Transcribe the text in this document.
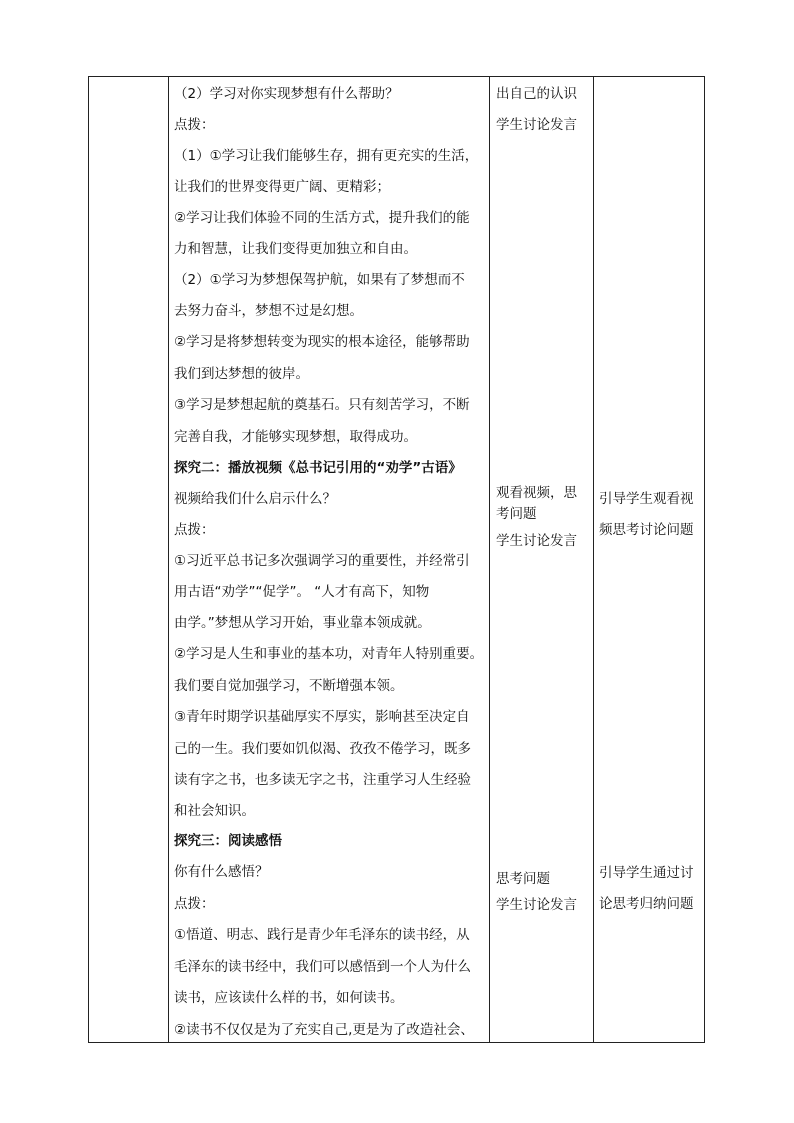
（2）学习对你实现梦想有什么帮助？
点拨：
（1）①学习让我们能够生存，拥有更充实的生活，
让我们的世界变得更广阔、更精彩；
②学习让我们体验不同的生活方式，提升我们的能
力和智慧，让我们变得更加独立和自由。
（2）①学习为梦想保驾护航，如果有了梦想而不
去努力奋斗，梦想不过是幻想。
②学习是将梦想转变为现实的根本途径，能够帮助
我们到达梦想的彼岸。
③学习是梦想起航的奠基石。只有刻苦学习，不断
完善自我，才能够实现梦想，取得成功。
探究二：播放视频《总书记引用的“劝学”古语》
视频给我们什么启示什么？
点拨：
①习近平总书记多次强调学习的重要性，并经常引
用古语“劝学”“促学”。 “人才有高下，知物
由学。”梦想从学习开始，事业靠本领成就。
②学习是人生和事业的基本功，对青年人特别重要。
我们要自觉加强学习，不断增强本领。
③青年时期学识基础厚实不厚实，影响甚至决定自
己的一生。我们要如饥似渴、孜孜不倦学习，既多
读有字之书，也多读无字之书，注重学习人生经验
和社会知识。
探究三：阅读感悟
你有什么感悟？
点拨：
①悟道、明志、践行是青少年毛泽东的读书经，从
毛泽东的读书经中，我们可以感悟到一个人为什么
读书，应该读什么样的书，如何读书。
②读书不仅仅是为了充实自己,更是为了改造社会、
出自己的认识
学生讨论发言
观看视频，思
考问题
学生讨论发言
思考问题
学生讨论发言
引导学生观看视
频思考讨论问题
引导学生通过讨
论思考归纳问题
